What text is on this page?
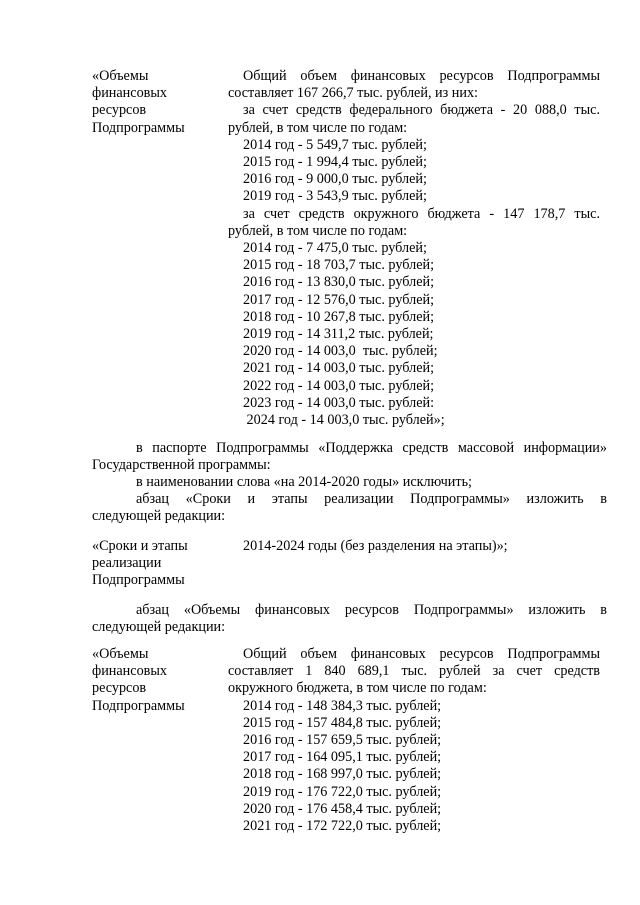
«Объемы
финансовых
ресурсов
Подпрограммы
Общий объем финансовых ресурсов Подпрограммы
составляет 167 266,7 тыс. рублей, из них:
за счет средств федерального бюджета - 20 088,0 тыс.
рублей, в том числе по годам:
2014 год - 5 549,7 тыс. рублей;
2015 год - 1 994,4 тыс. рублей;
2016 год - 9 000,0 тыс. рублей;
2019 год - 3 543,9 тыс. рублей;
за счет средств окружного бюджета - 147 178,7 тыс.
рублей, в том числе по годам:
2014 год - 7 475,0 тыс. рублей;
2015 год - 18 703,7 тыс. рублей;
2016 год - 13 830,0 тыс. рублей;
2017 год - 12 576,0 тыс. рублей;
2018 год - 10 267,8 тыс. рублей;
2019 год - 14 311,2 тыс. рублей;
2020 год - 14 003,0  тыс. рублей;
2021 год - 14 003,0 тыс. рублей;
2022 год - 14 003,0 тыс. рублей;
2023 год - 14 003,0 тыс. рублей:
2024 год - 14 003,0 тыс. рублей»;
в паспорте Подпрограммы «Поддержка средств массовой информации»
Государственной программы:
в наименовании слова «на 2014-2020 годы» исключить;
абзац «Сроки и этапы реализации Подпрограммы» изложить в
следующей редакции:
«Сроки и этапы
реализации
Подпрограммы
2014-2024 годы (без разделения на этапы)»;
абзац «Объемы финансовых ресурсов Подпрограммы» изложить в
следующей редакции:
«Объемы
финансовых
ресурсов
Подпрограммы
Общий объем финансовых ресурсов Подпрограммы
составляет 1 840 689,1 тыс. рублей за счет средств
окружного бюджета, в том числе по годам:
2014 год - 148 384,3 тыс. рублей;
2015 год - 157 484,8 тыс. рублей;
2016 год - 157 659,5 тыс. рублей;
2017 год - 164 095,1 тыс. рублей;
2018 год - 168 997,0 тыс. рублей;
2019 год - 176 722,0 тыс. рублей;
2020 год - 176 458,4 тыс. рублей;
2021 год - 172 722,0 тыс. рублей;
